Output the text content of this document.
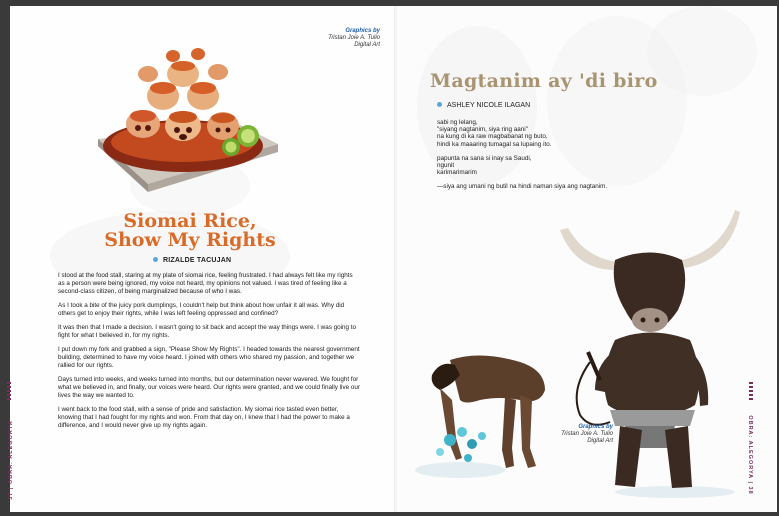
Graphics by
Tristan Joie A. Tulio
Digital Art
Siomai Rice,
Show My Rights
RIZALDE TACUJAN

I stood at the food stall, staring at my plate of siomai rice, feeling frustrated. I had always felt like my rights as a person were being ignored, my voice not heard, my opinions not valued. I was tired of feeling like a second-class citizen, of being marginalized because of who I was.

As I took a bite of the juicy pork dumplings, I couldn't help but think about how unfair it all was. Why did others get to enjoy their rights, while I was left feeling oppressed and confined?

It was then that I made a decision. I wasn't going to sit back and accept the way things were. I was going to fight for what I believed in, for my rights.

I put down my fork and grabbed a sign, "Please Show My Rights". I headed towards the nearest government building, determined to have my voice heard. I joined with others who shared my passion, and together we rallied for our rights.

Days turned into weeks, and weeks turned into months, but our determination never wavered. We fought for what we believed in, and finally, our voices were heard. Our rights were granted, and we could finally live our lives the way we wanted to.

I went back to the food stall, with a sense of pride and satisfaction. My siomai rice tasted even better, knowing that I had fought for my rights and won. From that day on, I knew that I had the power to make a difference, and I would never give up my rights again.

37 | OBRA: ALEGORYA
Magtanim ay 'di biro
ASHLEY NICOLE ILAGAN
sabi ng lelang,
"siyang nagtanim, siya ring aani"
na kung di ka raw magbabanat ng buto,
hindi ka maaaring tumagal sa lupaing ito.
papunta na sana si inay sa Saudi,
ngunit
karimarimarim
—siya ang umani ng butil na hindi naman siya ang nagtanim.
Graphics by
Tristan Joie A. Tulio
Digital Art	OBRA: ALEGORYA | 38
